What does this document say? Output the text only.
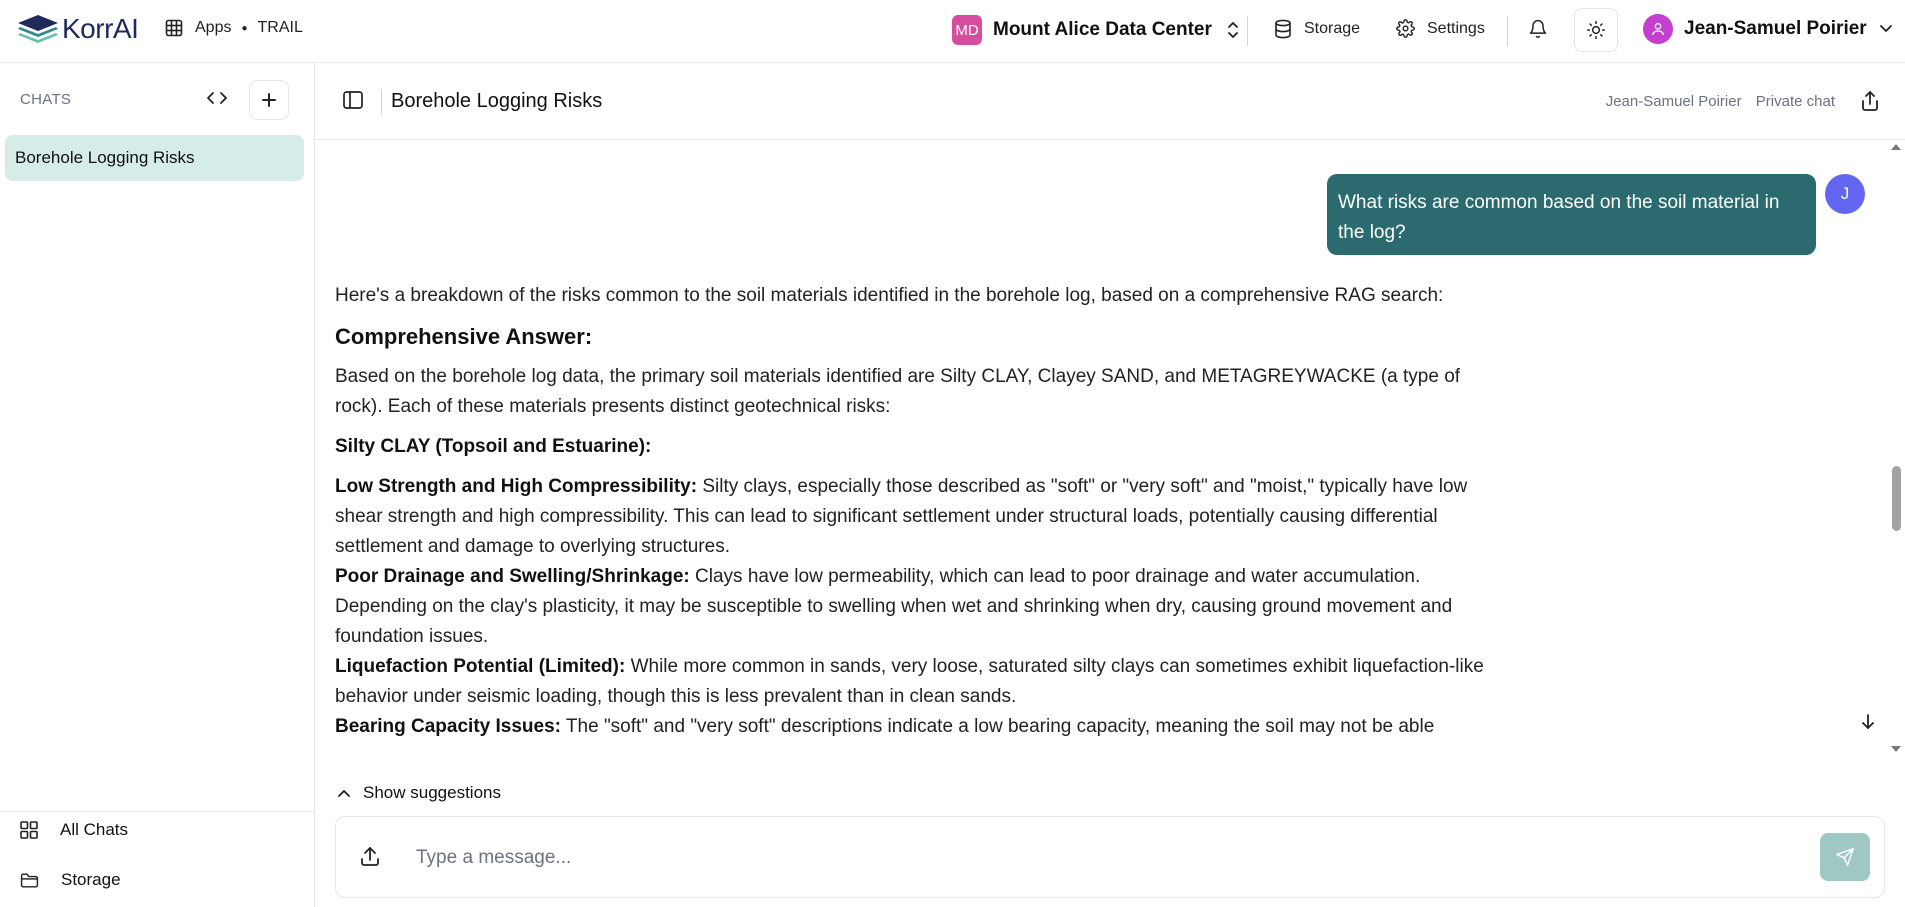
KorrAI	Apps ● TRAIL	MD Mount Alice Data Center	Storage	Settings	Jean-Samuel Poirier
CHATS
Borehole Logging Risks
All Chats
Storage
Borehole Logging Risks	Jean-Samuel Poirier Private chat
What risks are common based on the soil material in the log?
J

Here's a breakdown of the risks common to the soil materials identified in the borehole log, based on a comprehensive RAG search:

Comprehensive Answer:

Based on the borehole log data, the primary soil materials identified are Silty CLAY, Clayey SAND, and METAGREYWACKE (a type of rock). Each of these materials presents distinct geotechnical risks:

Silty CLAY (Topsoil and Estuarine):

Low Strength and High Compressibility: Silty clays, especially those described as "soft" or "very soft" and "moist," typically have low shear strength and high compressibility. This can lead to significant settlement under structural loads, potentially causing differential settlement and damage to overlying structures.

Poor Drainage and Swelling/Shrinkage: Clays have low permeability, which can lead to poor drainage and water accumulation. Depending on the clay's plasticity, it may be susceptible to swelling when wet and shrinking when dry, causing ground movement and foundation issues.

Liquefaction Potential (Limited): While more common in sands, very loose, saturated silty clays can sometimes exhibit liquefaction-like behavior under seismic loading, though this is less prevalent than in clean sands.

Bearing Capacity Issues: The "soft" and "very soft" descriptions indicate a low bearing capacity, meaning the soil may not be able

Show suggestions
Type a message...
